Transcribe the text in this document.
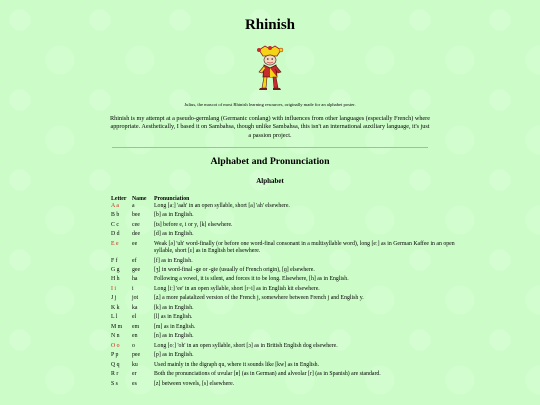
Rhinish
Julius, the mascot of most Rhinish learning resources, originally made for an alphabet poster.
Rhinish is my attempt at a pseudo-germlang (Germanic conlang) with influences from other languages (especially French) where appropriate. Aesthetically, I based it on Sambahsa, though unlike Sambahsa, this isn't an international auxiliary language, it's just a passion project.
Alphabet and Pronunciation
Alphabet
Letter	Name	Pronunciation
A a	a	Long [aː] 'aah' in an open syllable, short [a] 'ah' elsewhere.
B b	bee	[b] as in English.
C c	cee	[ts] before e, i or y, [k] elsewhere.
D d	dee	[d] as in English.
E e	ee	Weak [ə] 'uh' word-finally (or before one word-final consonant in a multisyllable word), long [eː] as in German Kaffee in an open syllable, short [ɛ] as in English bet elsewhere.
F f	ef	[f] as in English.
G g	gee	[ʒ] in word-final -ge or -gie (usually of French origin), [ɡ] elsewhere.
H h	ha	Following a vowel, it is silent, and forces it to be long. Elsewhere, [h] as in English.
I i	i	Long [iː] 'ee' in an open syllable, short [ɪ~i] as in English kit elsewhere.
J j	jot	[ʑ] a more palatalized version of the French j, somewhere between French j and English y.
K k	ka	[k] as in English.
L l	el	[l] as in English.
M m	em	[m] as in English.
N n	en	[n] as in English.
O o	o	Long [oː] 'oh' in an open syllable, short [ɔ] as in British English dog elsewhere.
P p	pee	[p] as in English.
Q q	ku	Used mainly in the digraph qu, where it sounds like [kw] as in English.
R r	er	Both the pronunciations of uvular [ʁ] (as in German) and alveolar [r] (as in Spanish) are standard.
S s	es	[z] between vowels, [s] elsewhere.
